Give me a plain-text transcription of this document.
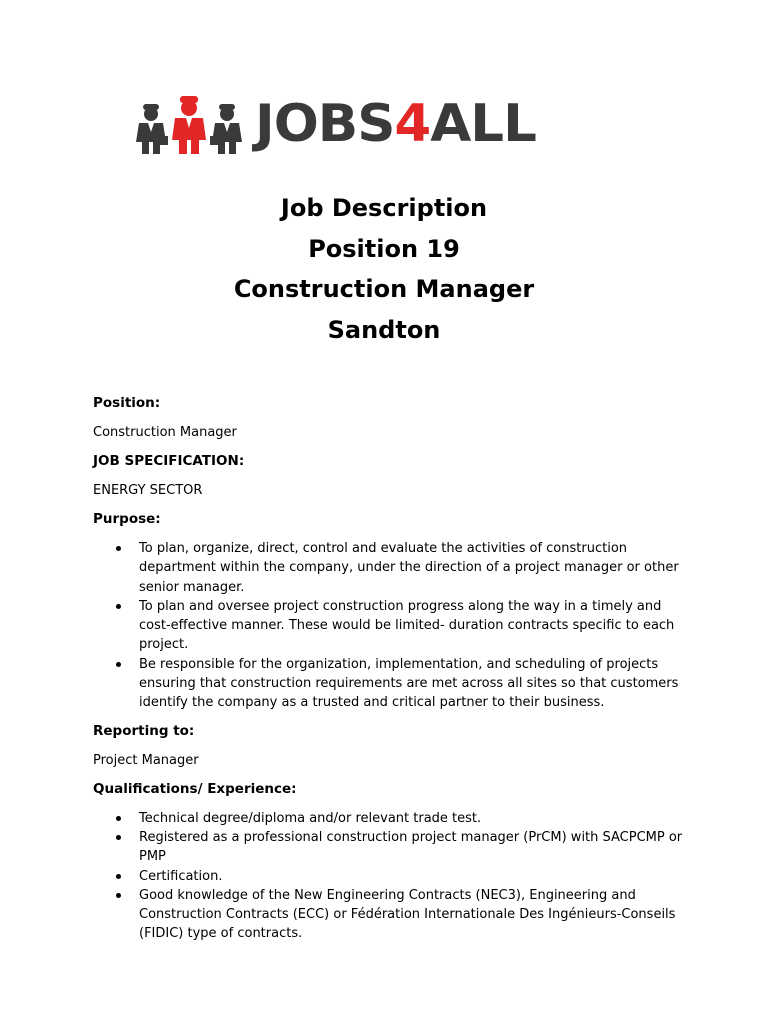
JOBS4ALL
Job Description
Position 19
Construction Manager
Sandton

Position:

Construction Manager

JOB SPECIFICATION:

ENERGY SECTOR

Purpose:

To plan, organize, direct, control and evaluate the activities of construction department within the company, under the direction of a project manager or other senior manager.
To plan and oversee project construction progress along the way in a timely and cost-effective manner. These would be limited- duration contracts specific to each project.
Be responsible for the organization, implementation, and scheduling of projects ensuring that construction requirements are met across all sites so that customers identify the company as a trusted and critical partner to their business.

Reporting to:

Project Manager

Qualifications/ Experience:

Technical degree/diploma and/or relevant trade test.
Registered as a professional construction project manager (PrCM) with SACPCMP or PMP
Certification.
Good knowledge of the New Engineering Contracts (NEC3), Engineering and Construction Contracts (ECC) or Fédération Internationale Des Ingénieurs-Conseils (FIDIC) type of contracts.
